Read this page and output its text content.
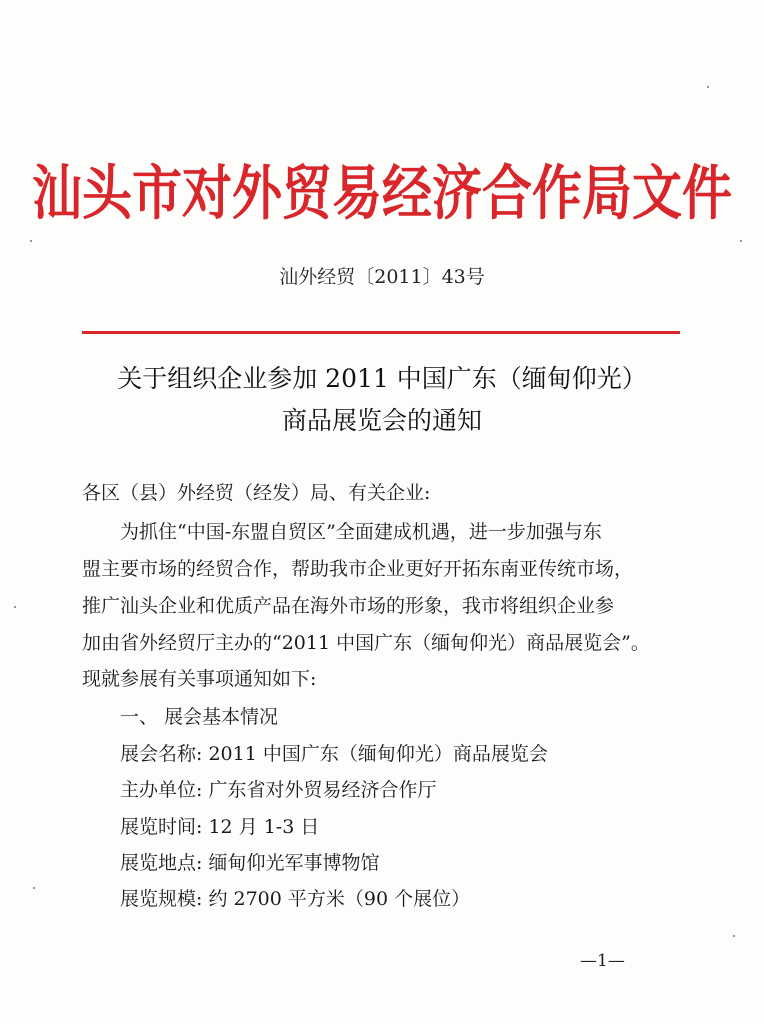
汕头市对外贸易经济合作局文件
汕外经贸〔2011〕43号
关于组织企业参加 2011 中国广东（缅甸仰光）
商品展览会的通知
各区（县）外经贸（经发）局、有关企业:
为抓住“中国-东盟自贸区”全面建成机遇，进一步加强与东
盟主要市场的经贸合作，帮助我市企业更好开拓东南亚传统市场，
推广汕头企业和优质产品在海外市场的形象，我市将组织企业参
加由省外经贸厅主办的“2011 中国广东（缅甸仰光）商品展览会”。
现就参展有关事项通知如下:
一、 展会基本情况
展会名称: 2011 中国广东（缅甸仰光）商品展览会
主办单位: 广东省对外贸易经济合作厅
展览时间: 12 月 1-3 日
展览地点: 缅甸仰光军事博物馆
展览规模: 约 2700 平方米（90 个展位）
—1—
